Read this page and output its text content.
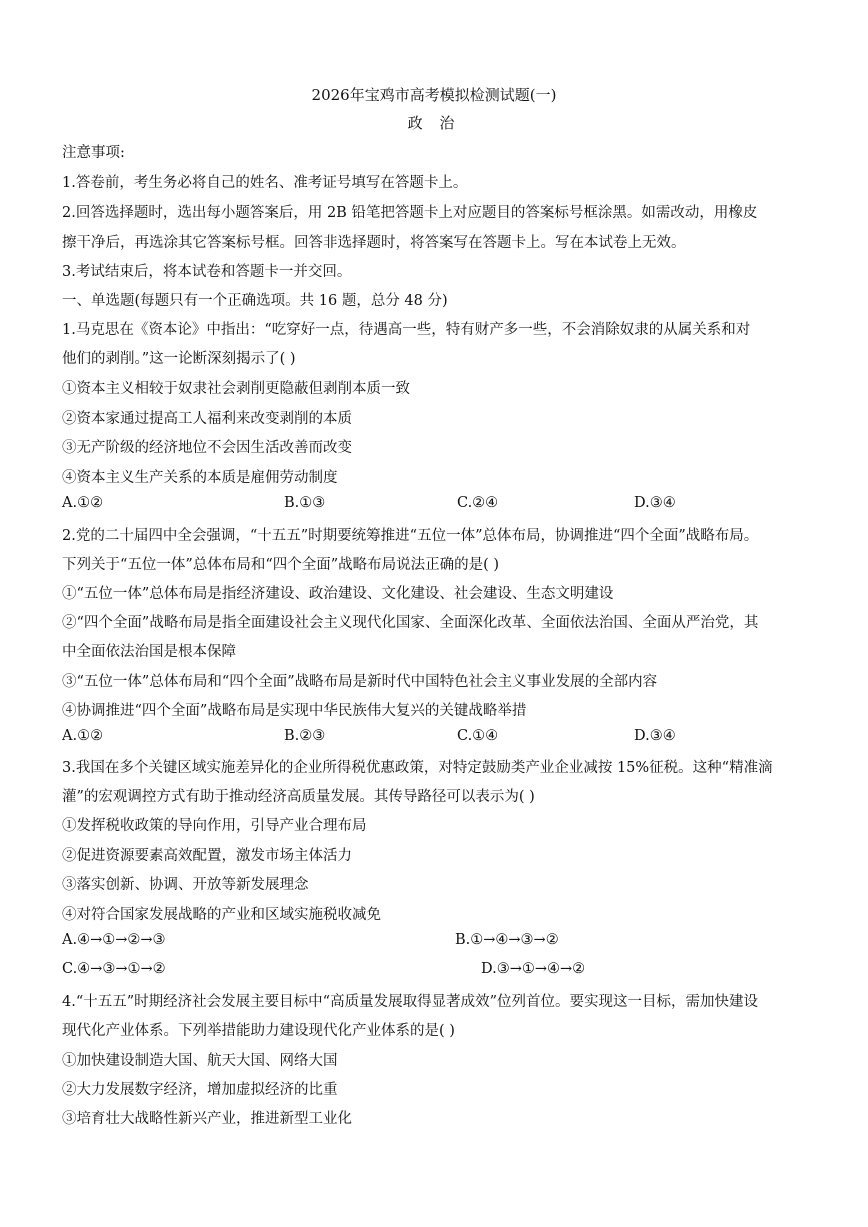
2026年宝鸡市高考模拟检测试题(一)
政 治
注意事项:
1.答卷前，考生务必将自己的姓名、准考证号填写在答题卡上。
2.回答选择题时，选出每小题答案后，用 2B 铅笔把答题卡上对应题目的答案标号框涂黑。如需改动，用橡皮
擦干净后，再选涂其它答案标号框。回答非选择题时，将答案写在答题卡上。写在本试卷上无效。
3.考试结束后，将本试卷和答题卡一并交回。
一、单选题(每题只有一个正确选项。共 16 题，总分 48 分)
1.马克思在《资本论》中指出：“吃穿好一点，待遇高一些，特有财产多一些，不会消除奴隶的从属关系和对
他们的剥削。”这一论断深刻揭示了( )
①资本主义相较于奴隶社会剥削更隐蔽但剥削本质一致
②资本家通过提高工人福利来改变剥削的本质
③无产阶级的经济地位不会因生活改善而改变
④资本主义生产关系的本质是雇佣劳动制度
A.①②	B.①③	C.②④	D.③④
2.党的二十届四中全会强调，“十五五”时期要统筹推进“五位一体”总体布局，协调推进“四个全面”战略布局。
下列关于“五位一体”总体布局和“四个全面”战略布局说法正确的是( )
①“五位一体”总体布局是指经济建设、政治建设、文化建设、社会建设、生态文明建设
②“四个全面”战略布局是指全面建设社会主义现代化国家、全面深化改革、全面依法治国、全面从严治党，其
中全面依法治国是根本保障
③“五位一体”总体布局和“四个全面”战略布局是新时代中国特色社会主义事业发展的全部内容
④协调推进“四个全面”战略布局是实现中华民族伟大复兴的关键战略举措
A.①②	B.②③	C.①④	D.③④
3.我国在多个关键区域实施差异化的企业所得税优惠政策，对特定鼓励类产业企业减按 15%征税。这种“精准滴
灌”的宏观调控方式有助于推动经济高质量发展。其传导路径可以表示为( )
①发挥税收政策的导向作用，引导产业合理布局
②促进资源要素高效配置，激发市场主体活力
③落实创新、协调、开放等新发展理念
④对符合国家发展战略的产业和区域实施税收减免
A.④→①→②→③	B.①→④→③→②
C.④→③→①→②	D.③→①→④→②
4.“十五五”时期经济社会发展主要目标中“高质量发展取得显著成效”位列首位。要实现这一目标，需加快建设
现代化产业体系。下列举措能助力建设现代化产业体系的是( )
①加快建设制造大国、航天大国、网络大国
②大力发展数字经济，增加虚拟经济的比重
③培育壮大战略性新兴产业，推进新型工业化
